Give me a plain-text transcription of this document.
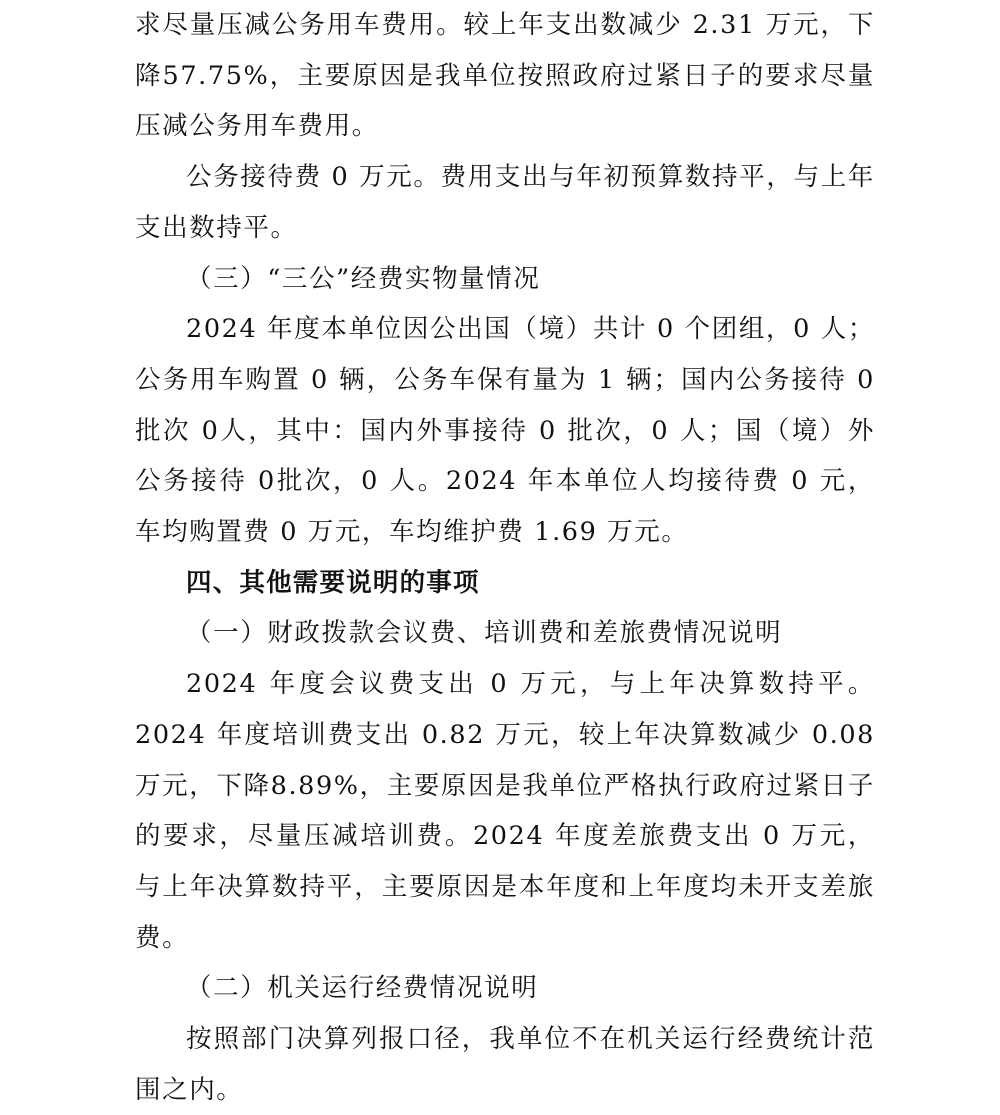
求尽量压减公务用车费用。较上年支出数减少 2.31 万元，下降57.75%，主要原因是我单位按照政府过紧日子的要求尽量压减公务用车费用。

公务接待费 0 万元。费用支出与年初预算数持平，与上年支出数持平。

（三）“三公”经费实物量情况

2024 年度本单位因公出国（境）共计 0 个团组，0 人；公务用车购置 0 辆，公务车保有量为 1 辆；国内公务接待 0 批次 0人，其中：国内外事接待 0 批次，0 人；国（境）外公务接待 0批次，0 人。2024 年本单位人均接待费 0 元，车均购置费 0 万元，车均维护费 1.69 万元。

四、其他需要说明的事项

（一）财政拨款会议费、培训费和差旅费情况说明

2024 年度会议费支出 0 万元，与上年决算数持平。2024 年度培训费支出 0.82 万元，较上年决算数减少 0.08 万元，下降8.89%，主要原因是我单位严格执行政府过紧日子的要求，尽量压减培训费。2024 年度差旅费支出 0 万元，与上年决算数持平，主要原因是本年度和上年度均未开支差旅费。

（二）机关运行经费情况说明

按照部门决算列报口径，我单位不在机关运行经费统计范围之内。
